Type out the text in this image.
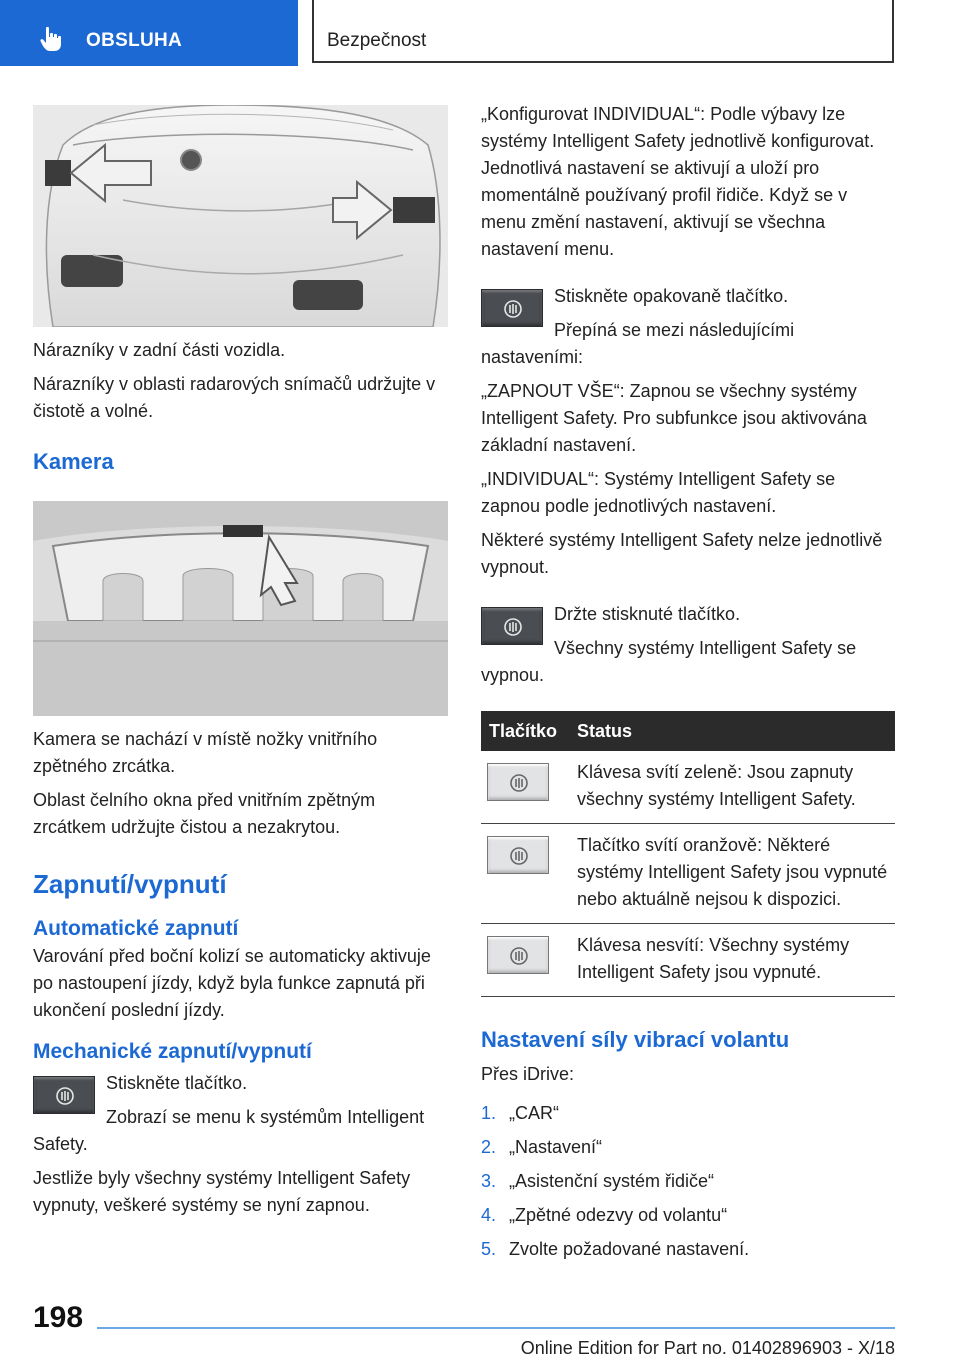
OBSLUHA	Bezpečnost

Nárazníky v zadní části vozidla.

Nárazníky v oblasti radarových snímačů udržujte v čistotě a volné.

Kamera

Kamera se nachází v místě nožky vnitřního zpětného zrcátka.

Oblast čelního okna před vnitřním zpětným zrcátkem udržujte čistou a nezakrytou.

Zapnutí/vypnutí

Automatické zapnutí

Varování před boční kolizí se automaticky aktivuje po nastoupení jízdy, když byla funkce zapnutá při ukončení poslední jízdy.

Mechanické zapnutí/vypnutí

Stiskněte tlačítko.

Zobrazí se menu k systémům Intelligent Safety.

Jestliže byly všechny systémy Intelligent Safety vypnuty, veškeré systémy se nyní zapnou.

„Konfigurovat INDIVIDUAL“: Podle výbavy lze systémy Intelligent Safety jednotlivě konfigurovat. Jednotlivá nastavení se aktivují a uloží pro momentálně používaný profil řidiče. Když se v menu změní nastavení, aktivují se všechna nastavení menu.

Stiskněte opakovaně tlačítko.

Přepíná se mezi následujícími nastaveními:

„ZAPNOUT VŠE“: Zapnou se všechny systémy Intelligent Safety. Pro subfunkce jsou aktivována základní nastavení.

„INDIVIDUAL“: Systémy Intelligent Safety se zapnou podle jednotlivých nastavení.

Některé systémy Intelligent Safety nelze jednotlivě vypnout.

Držte stisknuté tlačítko.

Všechny systémy Intelligent Safety se vypnou.

Tlačítko	Status

	Klávesa svítí zeleně: Jsou zapnuty všechny systémy Intelligent Safety.

	Tlačítko svítí oranžově: Některé systémy Intelligent Safety jsou vypnuté nebo aktuálně nejsou k dispozici.

	Klávesa nesvítí: Všechny systémy Intelligent Safety jsou vypnuté.

Nastavení síly vibrací volantu

Přes iDrive:

1. „CAR“
2. „Nastavení“
3. „Asistenční systém řidiče“
4. „Zpětné odezvy od volantu“
5. Zvolte požadované nastavení.
198
Online Edition for Part no. 01402896903 - X/18
